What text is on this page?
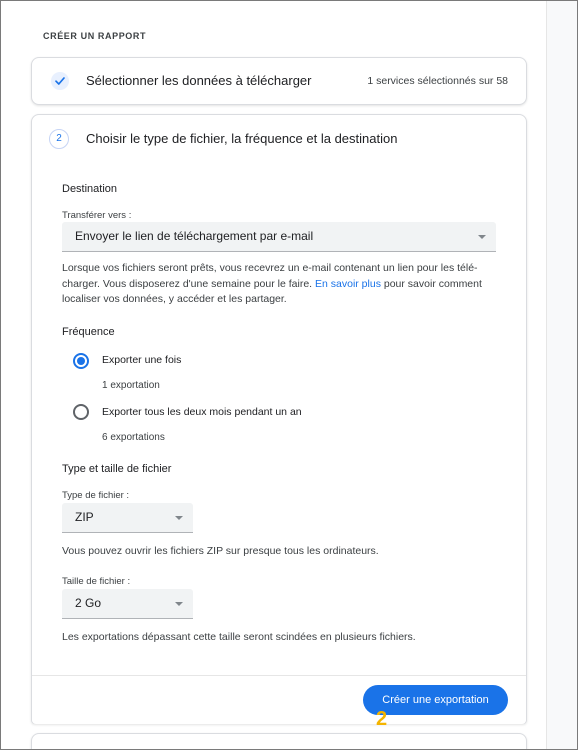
CRÉER UN RAPPORT
Sélectionner les données à télécharger	1 services sélectionnés sur 58
2	Choisir le type de fichier, la fréquence et la destination
Destination
Transférer vers :
Envoyer le lien de téléchargement par e-mail
Lorsque vos fichiers seront prêts, vous recevrez un e-mail contenant un lien pour les télé-charger. Vous disposerez d'une semaine pour le faire. En savoir plus pour savoir comment localiser vos données, y accéder et les partager.
Fréquence
Exporter une fois
1 exportation
Exporter tous les deux mois pendant un an
6 exportations
Type et taille de fichier
Type de fichier :
ZIP
Vous pouvez ouvrir les fichiers ZIP sur presque tous les ordinateurs.
Taille de fichier :
2 Go
Les exportations dépassant cette taille seront scindées en plusieurs fichiers.
Créer une exportation
2
